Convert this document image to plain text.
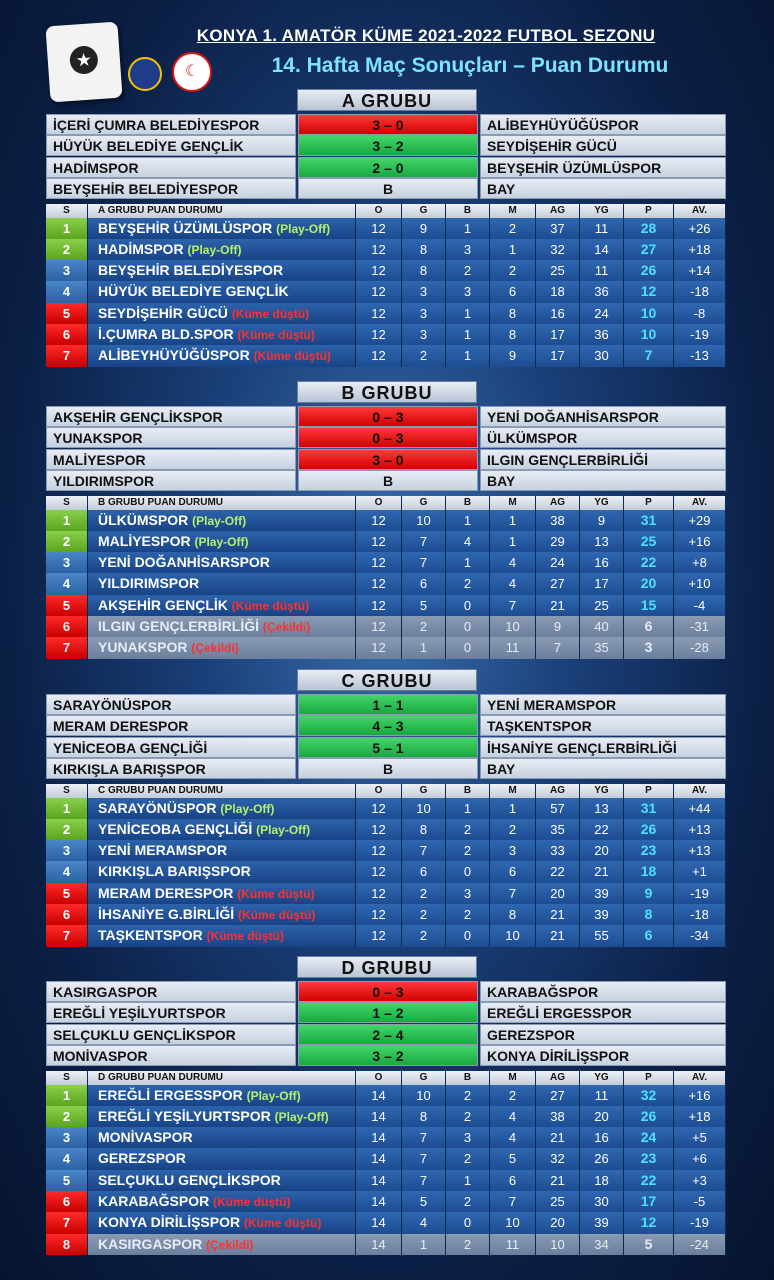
★
☾
KONYA 1. AMATÖR KÜME 2021-2022 FUTBOL SEZONU
14. Hafta Maç Sonuçları – Puan Durumu
A GRUBU
İÇERİ ÇUMRA BELEDİYESPOR	3 – 0	ALİBEYHÜYÜĞÜSPOR
HÜYÜK BELEDİYE GENÇLİK	3 – 2	SEYDİŞEHİR GÜCÜ
HADİMSPOR	2 – 0	BEYŞEHİR ÜZÜMLÜSPOR
BEYŞEHİR BELEDİYESPOR	B	BAY
S	A GRUBU PUAN DURUMU	O	G	B	M	AG	YG	P	AV.
1	BEYŞEHİR ÜZÜMLÜSPOR (Play-Off)	12	9	1	2	37	11	28	+26
2	HADİMSPOR (Play-Off)	12	8	3	1	32	14	27	+18
3	BEYŞEHİR BELEDİYESPOR	12	8	2	2	25	11	26	+14
4	HÜYÜK BELEDİYE GENÇLİK	12	3	3	6	18	36	12	-18
5	SEYDİŞEHİR GÜCÜ (Küme düştü)	12	3	1	8	16	24	10	-8
6	İ.ÇUMRA BLD.SPOR (Küme düştü)	12	3	1	8	17	36	10	-19
7	ALİBEYHÜYÜĞÜSPOR (Küme düştü)	12	2	1	9	17	30	7	-13
B GRUBU
AKŞEHİR GENÇLİKSPOR	0 – 3	YENİ DOĞANHİSARSPOR
YUNAKSPOR	0 – 3	ÜLKÜMSPOR
MALİYESPOR	3 – 0	ILGIN GENÇLERBİRLİĞİ
YILDIRIMSPOR	B	BAY
S	B GRUBU PUAN DURUMU	O	G	B	M	AG	YG	P	AV.
1	ÜLKÜMSPOR (Play-Off)	12	10	1	1	38	9	31	+29
2	MALİYESPOR (Play-Off)	12	7	4	1	29	13	25	+16
3	YENİ DOĞANHİSARSPOR	12	7	1	4	24	16	22	+8
4	YILDIRIMSPOR	12	6	2	4	27	17	20	+10
5	AKŞEHİR GENÇLİK (Küme düştü)	12	5	0	7	21	25	15	-4
6	ILGIN GENÇLERBİRLİĞİ (Çekildi)	12	2	0	10	9	40	6	-31
7	YUNAKSPOR (Çekildi)	12	1	0	11	7	35	3	-28
C GRUBU
SARAYÖNÜSPOR	1 – 1	YENİ MERAMSPOR
MERAM DERESPOR	4 – 3	TAŞKENTSPOR
YENİCEOBA GENÇLİĞİ	5 – 1	İHSANİYE GENÇLERBİRLİĞİ
KIRKIŞLA BARIŞSPOR	B	BAY
S	C GRUBU PUAN DURUMU	O	G	B	M	AG	YG	P	AV.
1	SARAYÖNÜSPOR (Play-Off)	12	10	1	1	57	13	31	+44
2	YENİCEOBA GENÇLİĞİ (Play-Off)	12	8	2	2	35	22	26	+13
3	YENİ MERAMSPOR	12	7	2	3	33	20	23	+13
4	KIRKIŞLA BARIŞSPOR	12	6	0	6	22	21	18	+1
5	MERAM DERESPOR (Küme düştü)	12	2	3	7	20	39	9	-19
6	İHSANİYE G.BİRLİĞİ (Küme düştü)	12	2	2	8	21	39	8	-18
7	TAŞKENTSPOR (Küme düştü)	12	2	0	10	21	55	6	-34
D GRUBU
KASIRGASPOR	0 – 3	KARABAĞSPOR
EREĞLİ YEŞİLYURTSPOR	1 – 2	EREĞLİ ERGESSPOR
SELÇUKLU GENÇLİKSPOR	2 – 4	GEREZSPOR
MONİVASPOR	3 – 2	KONYA DİRİLİŞSPOR
S	D GRUBU PUAN DURUMU	O	G	B	M	AG	YG	P	AV.
1	EREĞLİ ERGESSPOR (Play-Off)	14	10	2	2	27	11	32	+16
2	EREĞLİ YEŞİLYURTSPOR (Play-Off)	14	8	2	4	38	20	26	+18
3	MONİVASPOR	14	7	3	4	21	16	24	+5
4	GEREZSPOR	14	7	2	5	32	26	23	+6
5	SELÇUKLU GENÇLİKSPOR	14	7	1	6	21	18	22	+3
6	KARABAĞSPOR (Küme düştü)	14	5	2	7	25	30	17	-5
7	KONYA DİRİLİŞSPOR (Küme düştü)	14	4	0	10	20	39	12	-19
8	KASIRGASPOR (Çekildi)	14	1	2	11	10	34	5	-24
